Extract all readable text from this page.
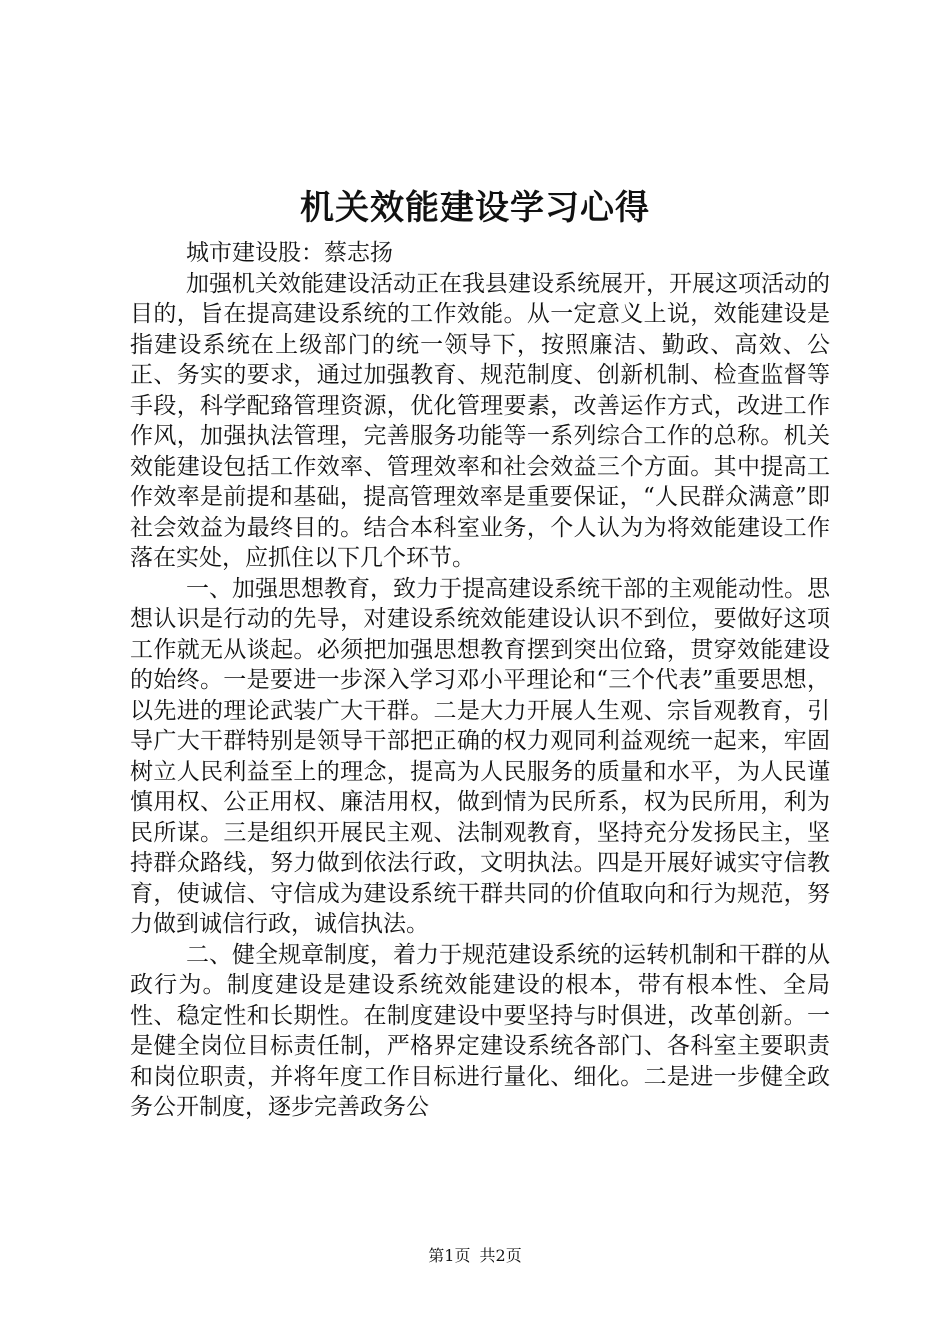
机关效能建设学习心得

城市建设股：蔡志扬

加强机关效能建设活动正在我县建设系统展开，开展这项活动的目的，旨在提高建设系统的工作效能。从一定意义上说，效能建设是指建设系统在上级部门的统一领导下，按照廉洁、勤政、高效、公正、务实的要求，通过加强教育、规范制度、创新机制、检查监督等手段，科学配臵管理资源，优化管理要素，改善运作方式，改进工作作风，加强执法管理，完善服务功能等一系列综合工作的总称。机关效能建设包括工作效率、管理效率和社会效益三个方面。其中提高工作效率是前提和基础，提高管理效率是重要保证，“人民群众满意”即社会效益为最终目的。结合本科室业务，个人认为为将效能建设工作落在实处，应抓住以下几个环节。

一、加强思想教育，致力于提高建设系统干部的主观能动性。思想认识是行动的先导，对建设系统效能建设认识不到位，要做好这项工作就无从谈起。必须把加强思想教育摆到突出位臵，贯穿效能建设的始终。一是要进一步深入学习邓小平理论和“三个代表”重要思想，以先进的理论武装广大干群。二是大力开展人生观、宗旨观教育，引导广大干群特别是领导干部把正确的权力观同利益观统一起来，牢固树立人民利益至上的理念，提高为人民服务的质量和水平，为人民谨慎用权、公正用权、廉洁用权，做到情为民所系，权为民所用，利为民所谋。三是组织开展民主观、法制观教育，坚持充分发扬民主，坚持群众路线，努力做到依法行政，文明执法。四是开展好诚实守信教育，使诚信、守信成为建设系统干群共同的价值取向和行为规范，努力做到诚信行政，诚信执法。

二、健全规章制度，着力于规范建设系统的运转机制和干群的从政行为。制度建设是建设系统效能建设的根本，带有根本性、全局性、稳定性和长期性。在制度建设中要坚持与时俱进，改革创新。一是健全岗位目标责任制，严格界定建设系统各部门、各科室主要职责和岗位职责，并将年度工作目标进行量化、细化。二是进一步健全政务公开制度，逐步完善政务公

第1页 共2页
